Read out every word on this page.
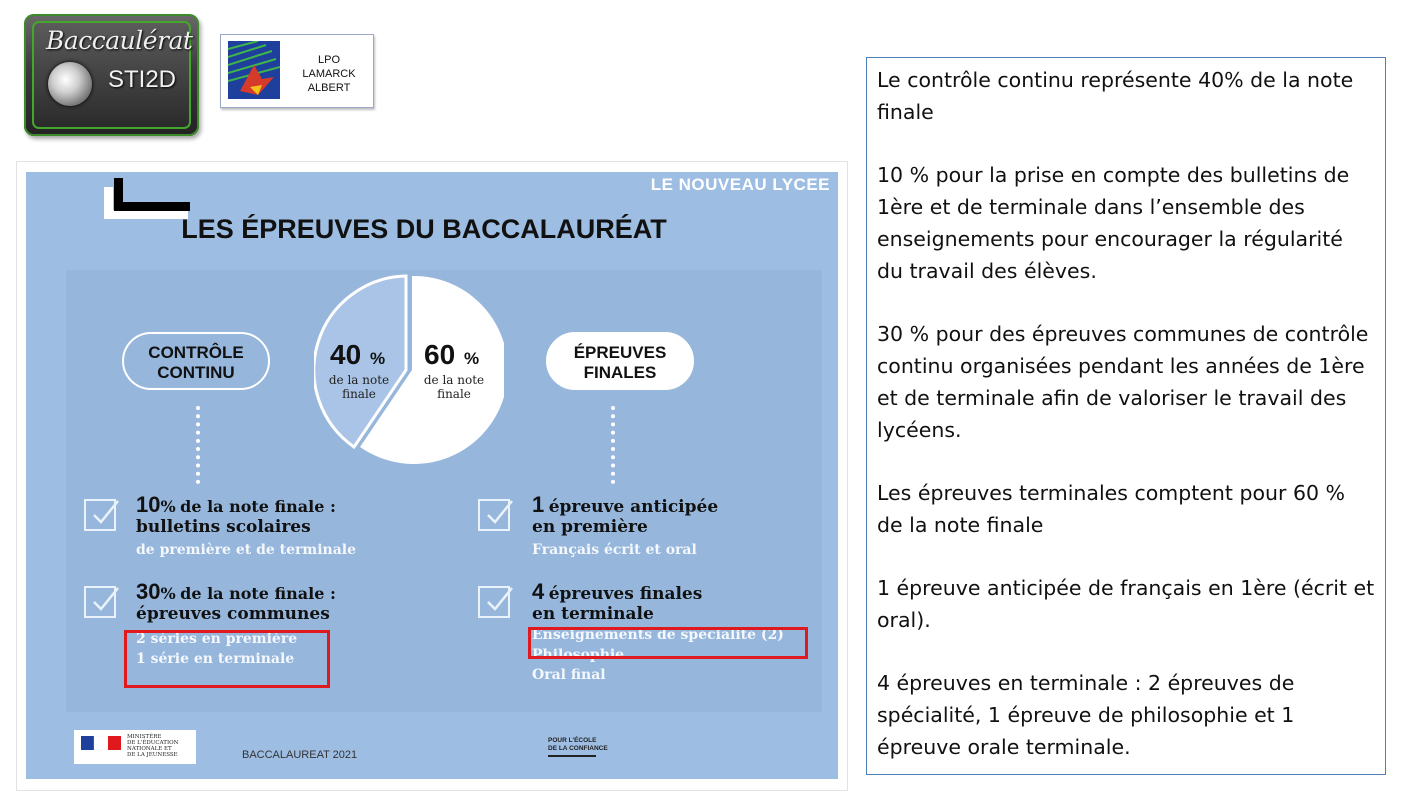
Baccaulérat
STI2D
LPO LAMARCK
ALBERT
LE NOUVEAU LYCEE
LES ÉPREUVES DU BACCALAURÉAT
40 %
de la note
finale
60 %
de la note
finale
CONTRÔLE
CONTINU
ÉPREUVES
FINALES
10% de la note finale :
bulletins scolaires
de première et de terminale
30% de la note finale :
épreuves communes
2 séries en première
1 série en terminale
1 épreuve anticipée
en première
Français écrit et oral
4 épreuves finales
en terminale
Enseignements de spécialité (2)
Philosophie
Oral final
MINISTÈRE
DE L'ÉDUCATION
NATIONALE ET
DE LA JEUNESSE	BACCALAUREAT 2021
POUR L'ÉCOLE
DE LA CONFIANCE

Le contrôle continu représente 40% de la note finale

10 % pour la prise en compte des bulletins de 1ère et de terminale dans l’ensemble des enseignements pour encourager la régularité du travail des élèves.

30 % pour des épreuves communes de contrôle continu organisées pendant les années de 1ère et de terminale afin de valoriser le travail des lycéens.

Les épreuves terminales comptent pour 60 % de la note finale

1 épreuve anticipée de français en 1ère (écrit et oral).

4 épreuves en terminale : 2 épreuves de spécialité, 1 épreuve de philosophie et 1 épreuve orale terminale.
